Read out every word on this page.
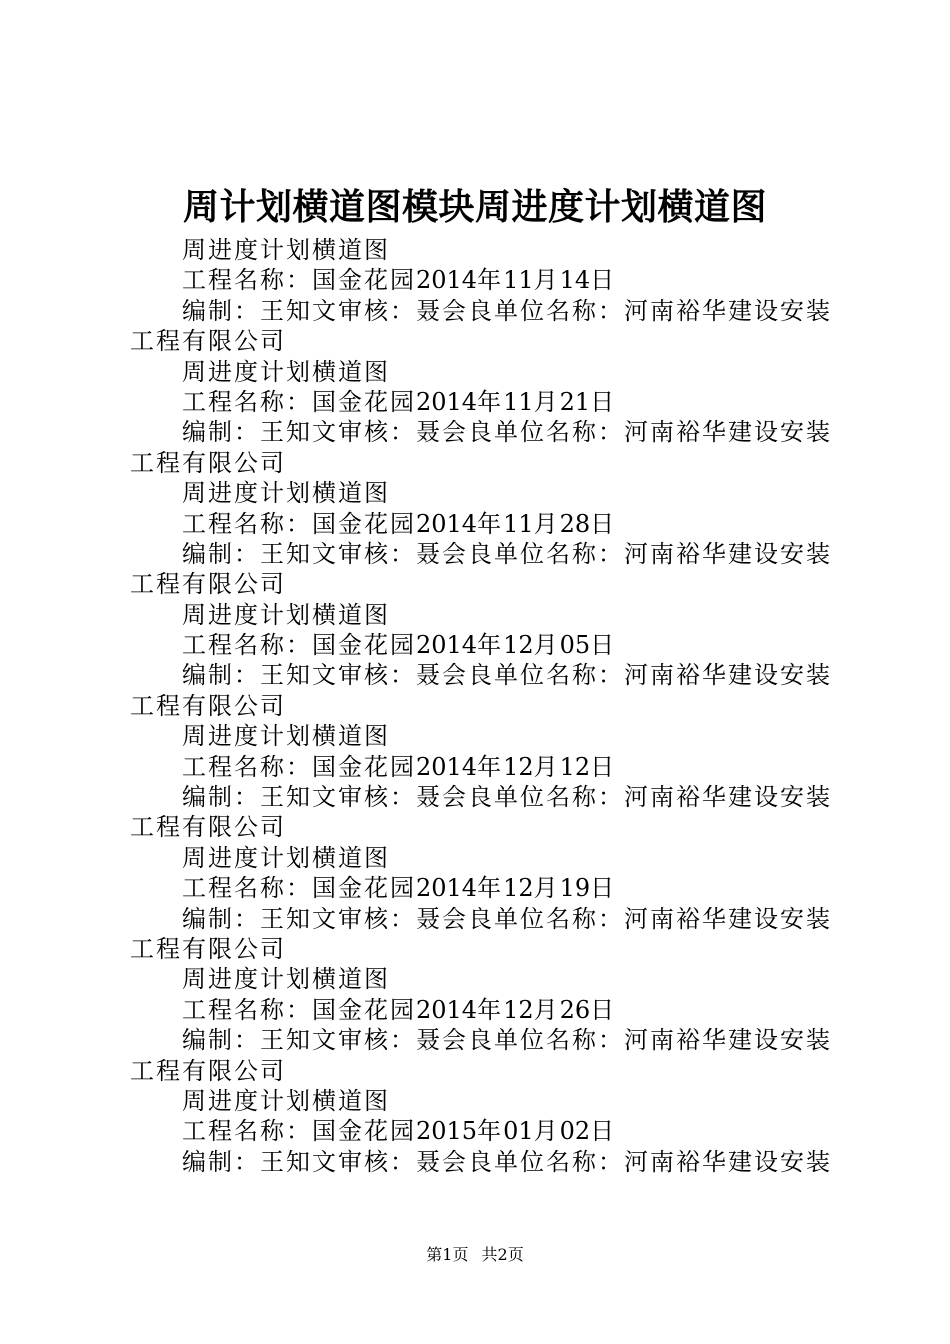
周计划横道图模块周进度计划横道图
周进度计划横道图
工程名称：国金花园2014年11月14日
编制：王知文审核：聂会良单位名称：河南裕华建设安装
工程有限公司
周进度计划横道图
工程名称：国金花园2014年11月21日
编制：王知文审核：聂会良单位名称：河南裕华建设安装
工程有限公司
周进度计划横道图
工程名称：国金花园2014年11月28日
编制：王知文审核：聂会良单位名称：河南裕华建设安装
工程有限公司
周进度计划横道图
工程名称：国金花园2014年12月05日
编制：王知文审核：聂会良单位名称：河南裕华建设安装
工程有限公司
周进度计划横道图
工程名称：国金花园2014年12月12日
编制：王知文审核：聂会良单位名称：河南裕华建设安装
工程有限公司
周进度计划横道图
工程名称：国金花园2014年12月19日
编制：王知文审核：聂会良单位名称：河南裕华建设安装
工程有限公司
周进度计划横道图
工程名称：国金花园2014年12月26日
编制：王知文审核：聂会良单位名称：河南裕华建设安装
工程有限公司
周进度计划横道图
工程名称：国金花园2015年01月02日
编制：王知文审核：聂会良单位名称：河南裕华建设安装
第1页 共2页
